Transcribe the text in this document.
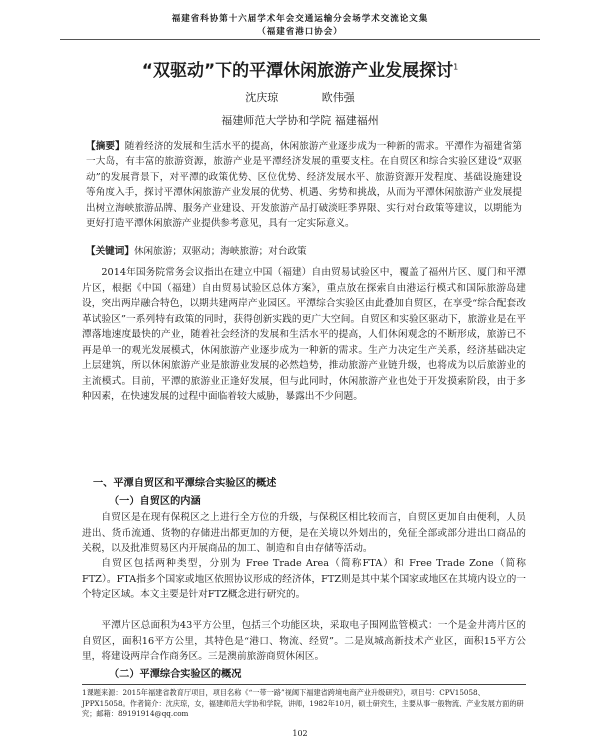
福建省科协第十六届学术年会交通运输分会场学术交流论文集
（福建省港口协会）
“双驱动”下的平潭休闲旅游产业发展探讨$^1$
沈庆琼 欧伟强
福建师范大学协和学院 福建福州
【摘要】随着经济的发展和生活水平的提高，休闲旅游产业逐步成为一种新的需求。平潭作为福建省第一大岛，有丰富的旅游资源，旅游产业是平潭经济发展的重要支柱。在自贸区和综合实验区建设“双驱动”的发展背景下，对平潭的政策优势、区位优势、经济发展水平、旅游资源开发程度、基础设施建设等角度入手，探讨平潭休闲旅游产业发展的优势、机遇、劣势和挑战，从而为平潭休闲旅游产业发展提出树立海峡旅游品牌、服务产业建设、开发旅游产品打破淡旺季界限、实行对台政策等建议，以期能为更好打造平潭休闲旅游产业提供参考意见，具有一定实际意义。
【关键词】休闲旅游；双驱动；海峡旅游；对台政策
2014年国务院常务会议指出在建立中国（福建）自由贸易试验区中，覆盖了福州片区、厦门和平潭片区，根据《中国（福建）自由贸易试验区总体方案》，重点放在探索自由港运行模式和国际旅游岛建设，突出两岸融合特色，以期共建两岸产业园区。平潭综合实验区由此叠加自贸区，在享受“综合配套改革试验区”一系列特有政策的同时，获得创新实践的更广大空间。自贸区和实验区驱动下，旅游业是在平潭落地速度最快的产业，随着社会经济的发展和生活水平的提高，人们休闲观念的不断形成，旅游已不再是单一的观光发展模式，休闲旅游产业逐步成为一种新的需求。生产力决定生产关系，经济基础决定上层建筑，所以休闲旅游产业是旅游业发展的必然趋势，推动旅游产业链升级，也将成为以后旅游业的主流模式。目前，平潭的旅游业正逢好发展，但与此同时，休闲旅游产业也处于开发摸索阶段，由于多种因素，在快速发展的过程中面临着较大威胁，暴露出不少问题。
一、平潭自贸区和平潭综合实验区的概述
（一）自贸区的内涵
自贸区是在现有保税区之上进行全方位的升级，与保税区相比较而言，自贸区更加自由便利，人员进出、货币流通、货物的存储进出都更加的方便，是在关境以外划出的，免征全部或部分进出口商品的关税，以及批准贸易区内开展商品的加工、制造和自由存储等活动。
自贸区包括两种类型，分别为 Free Trade Area（简称FTA）和 Free Trade Zone（简称FTZ）。FTA指多个国家或地区依照协议形成的经济体，FTZ则是其中某个国家或地区在其境内设立的一个特定区域。本文主要是针对FTZ概念进行研究的。
平潭片区总面积为43平方公里，包括三个功能区块，采取电子围网监管模式：一个是金井湾片区的自贸区，面积16平方公里，其特色是“港口、物流、经贸”。二是岚城高新技术产业区，面积15平方公里，将建设两岸合作商务区。三是澳前旅游商贸休闲区。
（二）平潭综合实验区的概况
1课题来源：2015年福建省教育厅项目，项目名称《“一带一路”视阈下福建省跨境电商产业升级研究》，项目号：CPV15058、JPPX15058。作者简介：沈庆琼，女，福建师范大学协和学院，讲师，1982年10月，硕士研究生，主要从事一般物流、产业发展方面的研究；邮箱：89191914@qq.com
102
